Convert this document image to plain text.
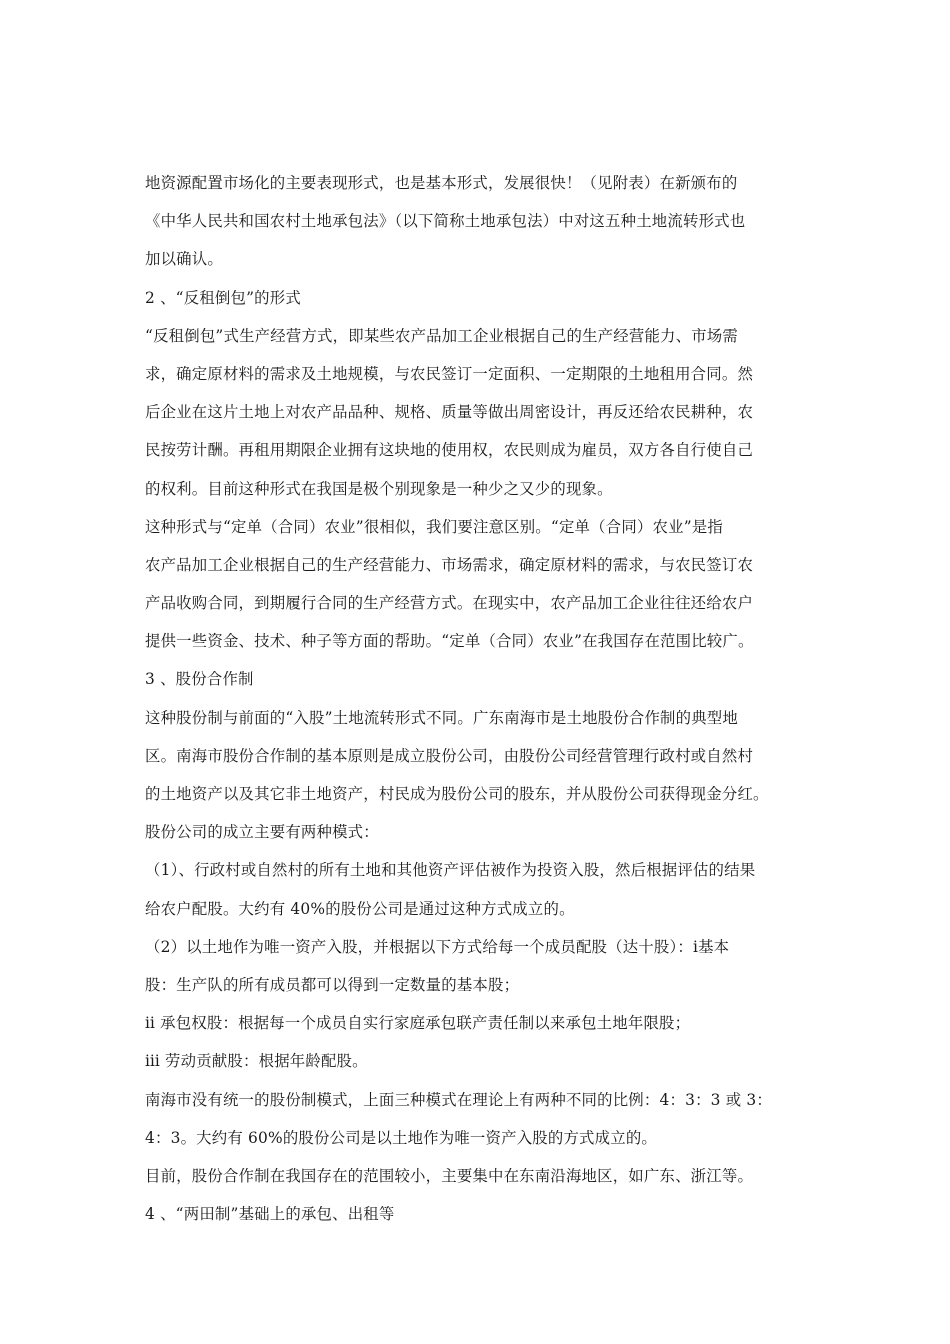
地资源配置市场化的主要表现形式，也是基本形式，发展很快！（见附表）在新颁布的
《中华人民共和国农村土地承包法》（以下简称土地承包法）中对这五种土地流转形式也
加以确认。
2 、“反租倒包”的形式
“反租倒包”式生产经营方式，即某些农产品加工企业根据自己的生产经营能力、市场需
求，确定原材料的需求及土地规模，与农民签订一定面积、一定期限的土地租用合同。然
后企业在这片土地上对农产品品种、规格、质量等做出周密设计，再反还给农民耕种，农
民按劳计酬。再租用期限企业拥有这块地的使用权，农民则成为雇员，双方各自行使自己
的权利。目前这种形式在我国是极个别现象是一种少之又少的现象。
这种形式与“定单（合同）农业”很相似，我们要注意区别。“定单（合同）农业”是指
农产品加工企业根据自己的生产经营能力、市场需求，确定原材料的需求，与农民签订农
产品收购合同，到期履行合同的生产经营方式。在现实中，农产品加工企业往往还给农户
提供一些资金、技术、种子等方面的帮助。“定单（合同）农业”在我国存在范围比较广。
3 、股份合作制
这种股份制与前面的“入股”土地流转形式不同。广东南海市是土地股份合作制的典型地
区。南海市股份合作制的基本原则是成立股份公司，由股份公司经营管理行政村或自然村
的土地资产以及其它非土地资产，村民成为股份公司的股东，并从股份公司获得现金分红。
股份公司的成立主要有两种模式：
（1）、行政村或自然村的所有土地和其他资产评估被作为投资入股，然后根据评估的结果
给农户配股。大约有 40%的股份公司是通过这种方式成立的。
（2）以土地作为唯一资产入股，并根据以下方式给每一个成员配股（达十股）：ⅰ基本
股：生产队的所有成员都可以得到一定数量的基本股；
ⅱ 承包权股：根据每一个成员自实行家庭承包联产责任制以来承包土地年限股；
ⅲ 劳动贡献股：根据年龄配股。
南海市没有统一的股份制模式，上面三种模式在理论上有两种不同的比例：4：3：3 或 3：
4：3。大约有 60%的股份公司是以土地作为唯一资产入股的方式成立的。
目前，股份合作制在我国存在的范围较小，主要集中在东南沿海地区，如广东、浙江等。
4 、“两田制”基础上的承包、出租等
